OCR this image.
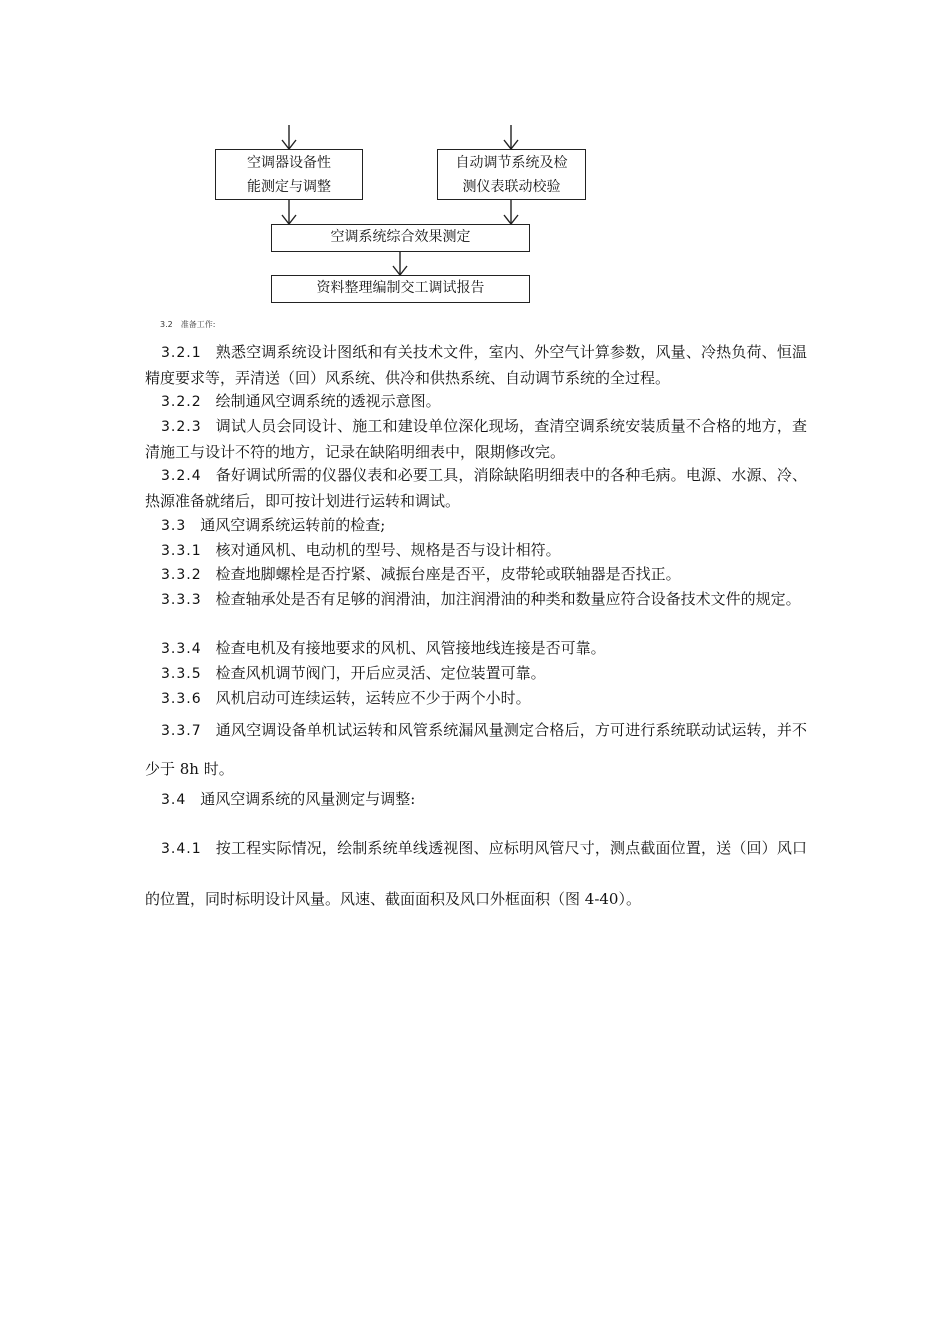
空调器设备性
能测定与调整
自动调节系统及检
测仪表联动校验
空调系统综合效果测定
资料整理编制交工调试报告
3.2　准备工作:

3.2.1 熟悉空调系统设计图纸和有关技术文件，室内、外空气计算参数，风量、冷热负荷、恒温精度要求等，弄清送（回）风系统、供冷和供热系统、自动调节系统的全过程。

3.2.2 绘制通风空调系统的透视示意图。

3.2.3 调试人员会同设计、施工和建设单位深化现场，查清空调系统安装质量不合格的地方，查清施工与设计不符的地方，记录在缺陷明细表中，限期修改完。

3.2.4 备好调试所需的仪器仪表和必要工具，消除缺陷明细表中的各种毛病。电源、水源、冷、热源准备就绪后，即可按计划进行运转和调试。

3.3 通风空调系统运转前的检查;

3.3.1 核对通风机、电动机的型号、规格是否与设计相符。

3.3.2 检查地脚螺栓是否拧紧、减振台座是否平，皮带轮或联轴器是否找正。

3.3.3 检查轴承处是否有足够的润滑油，加注润滑油的种类和数量应符合设备技术文件的规定。

3.3.4 检查电机及有接地要求的风机、风管接地线连接是否可靠。

3.3.5 检查风机调节阀门，开后应灵活、定位装置可靠。

3.3.6 风机启动可连续运转，运转应不少于两个小时。

3.3.7 通风空调设备单机试运转和风管系统漏风量测定合格后，方可进行系统联动试运转，并不少于 8h 时。

3.4 通风空调系统的风量测定与调整:

3.4.1 按工程实际情况，绘制系统单线透视图、应标明风管尺寸，测点截面位置，送（回）风口的位置，同时标明设计风量。风速、截面面积及风口外框面积（图 4-40）。
